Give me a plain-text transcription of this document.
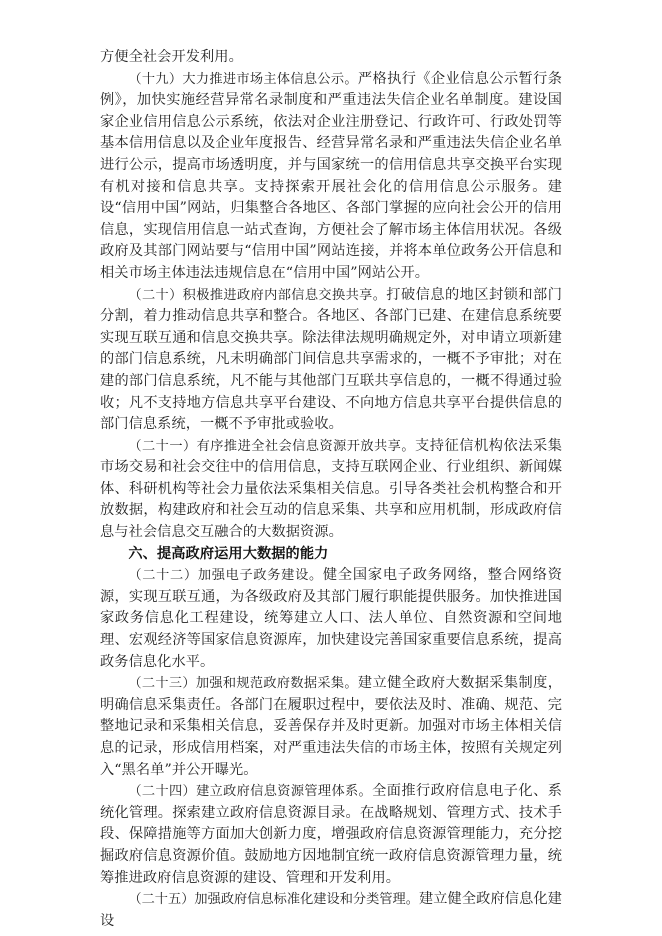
方便全社会开发利用。

（十九）大力推进市场主体信息公示。严格执行《企业信息公示暂行条例》，加快实施经营异常名录制度和严重违法失信企业名单制度。建设国家企业信用信息公示系统，依法对企业注册登记、行政许可、行政处罚等基本信用信息以及企业年度报告、经营异常名录和严重违法失信企业名单进行公示，提高市场透明度，并与国家统一的信用信息共享交换平台实现有机对接和信息共享。支持探索开展社会化的信用信息公示服务。建设“信用中国”网站，归集整合各地区、各部门掌握的应向社会公开的信用信息，实现信用信息一站式查询，方便社会了解市场主体信用状况。各级政府及其部门网站要与“信用中国”网站连接，并将本单位政务公开信息和相关市场主体违法违规信息在“信用中国”网站公开。

（二十）积极推进政府内部信息交换共享。打破信息的地区封锁和部门分割，着力推动信息共享和整合。各地区、各部门已建、在建信息系统要实现互联互通和信息交换共享。除法律法规明确规定外，对申请立项新建的部门信息系统，凡未明确部门间信息共享需求的，一概不予审批；对在建的部门信息系统，凡不能与其他部门互联共享信息的，一概不得通过验收；凡不支持地方信息共享平台建设、不向地方信息共享平台提供信息的部门信息系统，一概不予审批或验收。

（二十一）有序推进全社会信息资源开放共享。支持征信机构依法采集市场交易和社会交往中的信用信息，支持互联网企业、行业组织、新闻媒体、科研机构等社会力量依法采集相关信息。引导各类社会机构整合和开放数据，构建政府和社会互动的信息采集、共享和应用机制，形成政府信息与社会信息交互融合的大数据资源。

六、提高政府运用大数据的能力

（二十二）加强电子政务建设。健全国家电子政务网络，整合网络资源，实现互联互通，为各级政府及其部门履行职能提供服务。加快推进国家政务信息化工程建设，统筹建立人口、法人单位、自然资源和空间地理、宏观经济等国家信息资源库，加快建设完善国家重要信息系统，提高政务信息化水平。

（二十三）加强和规范政府数据采集。建立健全政府大数据采集制度，明确信息采集责任。各部门在履职过程中，要依法及时、准确、规范、完整地记录和采集相关信息，妥善保存并及时更新。加强对市场主体相关信息的记录，形成信用档案，对严重违法失信的市场主体，按照有关规定列入“黑名单”并公开曝光。

（二十四）建立政府信息资源管理体系。全面推行政府信息电子化、系统化管理。探索建立政府信息资源目录。在战略规划、管理方式、技术手段、保障措施等方面加大创新力度，增强政府信息资源管理能力，充分挖掘政府信息资源价值。鼓励地方因地制宜统一政府信息资源管理力量，统筹推进政府信息资源的建设、管理和开发利用。

（二十五）加强政府信息标准化建设和分类管理。建立健全政府信息化建设
